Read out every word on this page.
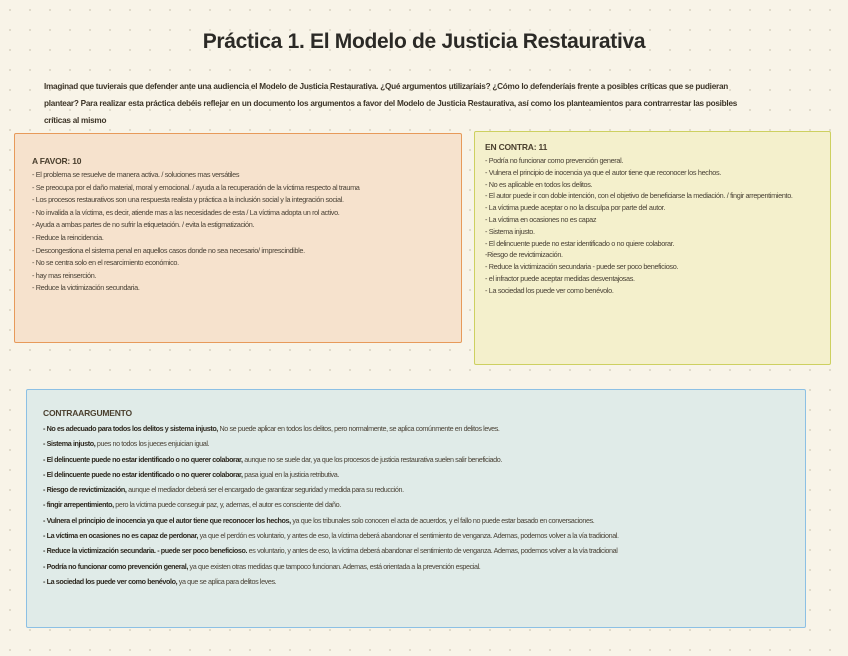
Práctica 1. El Modelo de Justicia Restaurativa

Imaginad que tuvierais que defender ante una audiencia el Modelo de Justicia Restaurativa. ¿Qué argumentos utilizaríais? ¿Cómo lo defenderíais frente a posibles críticas que se pudieran plantear? Para realizar esta práctica debéis reflejar en un documento los argumentos a favor del Modelo de Justicia Restaurativa, así como los planteamientos para contrarrestar las posibles críticas al mismo

A FAVOR: 10
- El problema se resuelve de manera activa. / soluciones mas versátiles
- Se preocupa por el daño material, moral y emocional. / ayuda a la recuperación de la víctima respecto al trauma
- Los procesos restaurativos son una respuesta realista y práctica a la inclusión social y la integración social.
- No invalida a la víctima, es decir, atiende mas a las necesidades de esta / La víctima adopta un rol activo.
- Ayuda a ambas partes de no sufrir la etiquetación. / evita la estigmatización.
- Reduce la reincidencia.
- Descongestiona el sistema penal en aquellos casos donde no sea necesario/ imprescindible.
- No se centra solo en el resarcimiento económico.
- hay mas reinserción.
- Reduce la victimización secundaria.
EN CONTRA: 11
- Podría no funcionar como prevención general.
- Vulnera el principio de inocencia ya que el autor tiene que reconocer los hechos.
- No es aplicable en todos los delitos.
- El autor puede ir con doble intención, con el objetivo de beneficiarse la mediación. / fingir arrepentimiento.
- La víctima puede aceptar o no la disculpa por parte del autor.
- La víctima en ocasiones no es capaz
- Sistema injusto.
- El delincuente puede no estar identificado o no quiere colaborar.
-Riesgo de revictimización.
- Reduce la victimización secundaria - puede ser poco beneficioso.
- el infractor puede aceptar medidas desventajosas.
- La sociedad los puede ver como benévolo.
CONTRAARGUMENTO
- No es adecuado para todos los delitos y sistema injusto, No se puede aplicar en todos los delitos, pero normalmente, se aplica comúnmente en delitos leves.
- Sistema injusto, pues no todos los jueces enjuician igual.
- El delincuente puede no estar identificado o no querer colaborar, aunque no se suele dar, ya que los procesos de justicia restaurativa suelen salir beneficiado.
- El delincuente puede no estar identificado o no querer colaborar, pasa igual en la justicia retributiva.
- Riesgo de revictimización, aunque el mediador deberá ser el encargado de garantizar seguridad y medida para su reducción.
- fingir arrepentimiento, pero la víctima puede conseguir paz, y, ademas, el autor es consciente del daño.
- Vulnera el principio de inocencia ya que el autor tiene que reconocer los hechos, ya que los tribunales solo conocen el acta de acuerdos, y el fallo no puede estar basado en conversaciones.
- La víctima en ocasiones no es capaz de perdonar, ya que el perdón es voluntario, y antes de eso, la víctima deberá abandonar el sentimiento de venganza. Ademas, podemos volver a la vía tradicional.
- Reduce la victimización secundaria. - puede ser poco beneficioso. es voluntario, y antes de eso, la víctima deberá abandonar el sentimiento de venganza. Ademas, podemos volver a la vía tradicional
- Podría no funcionar como prevención general, ya que existen otras medidas que tampoco funcionan. Ademas, está orientada a la prevención especial.
- La sociedad los puede ver como benévolo, ya que se aplica para delitos leves.
